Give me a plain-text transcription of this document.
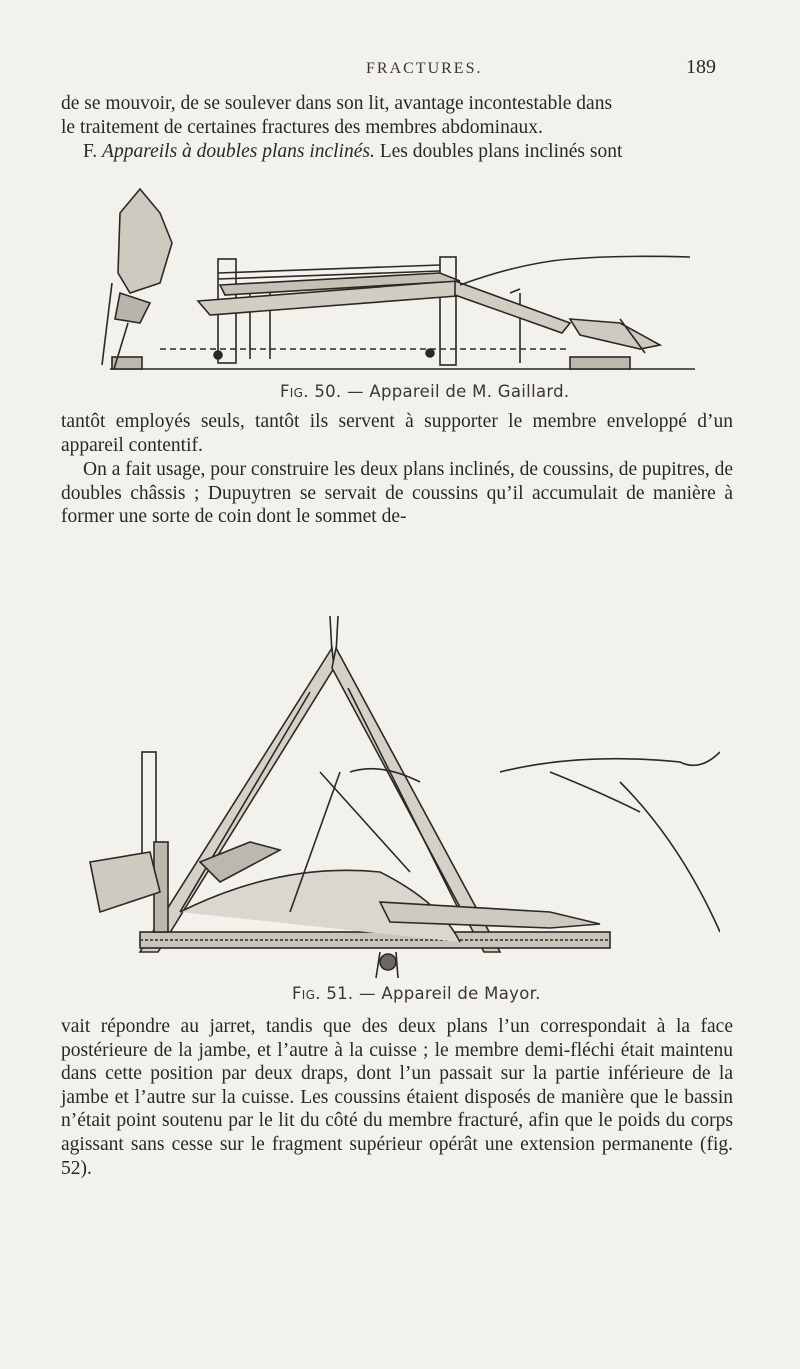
FRACTURES.	189

de se mouvoir, de se soulever dans son lit, avantage incontestable dans
le traitement de certaines fractures des membres abdominaux.

F. Appareils à doubles plans inclinés. Les doubles plans inclinés sont

Fig. 50. — Appareil de M. Gaillard.

tantôt employés seuls, tantôt ils servent à supporter le membre enveloppé d’un appareil contentif.

On a fait usage, pour construire les deux plans inclinés, de coussins, de pupitres, de doubles châssis ; Dupuytren se servait de coussins qu’il accumulait de manière à former une sorte de coin dont le sommet de-

Fig. 51. — Appareil de Mayor.

vait répondre au jarret, tandis que des deux plans l’un correspondait à la face postérieure de la jambe, et l’autre à la cuisse ; le membre demi-fléchi était maintenu dans cette position par deux draps, dont l’un passait sur la partie inférieure de la jambe et l’autre sur la cuisse. Les coussins étaient disposés de manière que le bassin n’était point soutenu par le lit du côté du membre fracturé, afin que le poids du corps agissant sans cesse sur le fragment supérieur opérât une extension permanente (fig. 52).
